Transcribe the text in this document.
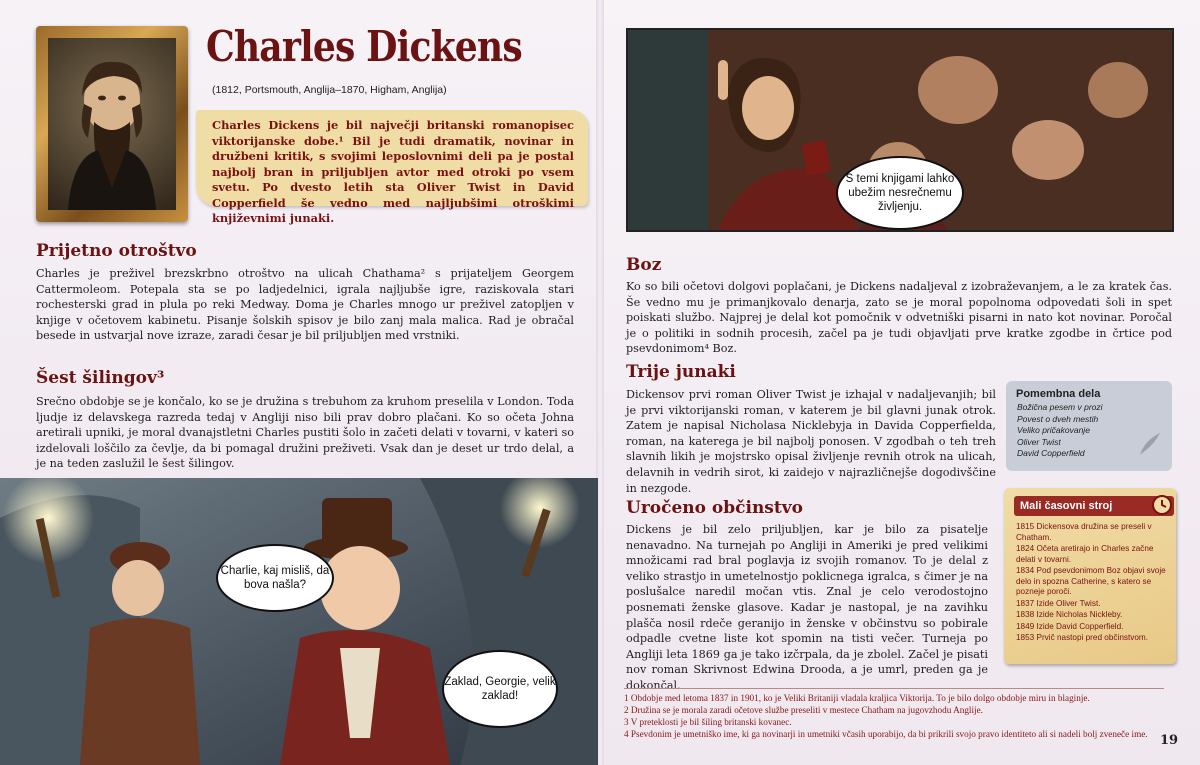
Charles Dickens
(1812, Portsmouth, Anglija–1870, Higham, Anglija)

Charles Dickens je bil največji britanski romanopisec viktorijanske dobe.¹ Bil je tudi dramatik, novinar in družbeni kritik, s svojimi leposlovnimi deli pa je postal najbolj bran in priljubljen avtor med otroki po vsem svetu. Po dvesto letih sta Oliver Twist in David Copperfield še vedno med najljubšimi otroškimi književnimi junaki.

Prijetno otroštvo

Charles je preživel brezskrbno otroštvo na ulicah Chathama² s prijateljem Georgem Cattermoleom. Potepala sta se po ladjedelnici, igrala najljubše igre, raziskovala stari rochesterski grad in plula po reki Medway. Doma je Charles mnogo ur preživel zatopljen v knjige v očetovem kabinetu. Pisanje šolskih spisov je bilo zanj mala malica. Rad je obračal besede in ustvarjal nove izraze, zaradi česar je bil priljubljen med vrstniki.

Šest šilingov³

Srečno obdobje se je končalo, ko se je družina s trebuhom za kruhom preselila v London. Toda ljudje iz delavskega razreda tedaj v Angliji niso bili prav dobro plačani. Ko so očeta Johna aretirali upniki, je moral dvanajstletni Charles pustiti šolo in začeti delati v tovarni, v kateri so izdelovali loščilo za čevlje, da bi pomagal družini preživeti. Vsak dan je deset ur trdo delal, a je na teden zaslužil le šest šilingov.

Charlie, kaj misliš, da bova našla?
Zaklad, Georgie, velik zaklad!
S temi knjigami lahko ubežim nesrečnemu življenju.
Boz

Ko so bili očetovi dolgovi poplačani, je Dickens nadaljeval z izobraževanjem, a le za kratek čas. Še vedno mu je primanjkovalo denarja, zato se je moral popolnoma odpovedati šoli in spet poiskati službo. Najprej je delal kot pomočnik v odvetniški pisarni in nato kot novinar. Poročal je o politiki in sodnih procesih, začel pa je tudi objavljati prve kratke zgodbe in črtice pod psevdonimom⁴ Boz.

Trije junaki

Dickensov prvi roman Oliver Twist je izhajal v nadaljevanjih; bil je prvi viktorijanski roman, v katerem je bil glavni junak otrok. Zatem je napisal Nicholasa Nicklebyja in Davida Copperfielda, roman, na katerega je bil najbolj ponosen. V zgodbah o teh treh slavnih likih je mojstrsko opisal življenje revnih otrok na ulicah, delavnih in vedrih sirot, ki zaidejo v najrazličnejše dogodivščine in nezgode.

Pomembna dela
Božična pesem v prozi
Povest o dveh mestih
Veliko pričakovanje
Oliver Twist
David Copperfield
Uročeno občinstvo

Dickens je bil zelo priljubljen, kar je bilo za pisatelje nenavadno. Na turnejah po Angliji in Ameriki je pred velikimi množicami rad bral poglavja iz svojih romanov. To je delal z veliko strastjo in umetelnostjo poklicnega igralca, s čimer je na poslušalce naredil močan vtis. Znal je celo verodostojno posnemati ženske glasove. Kadar je nastopal, je na zavihku plašča nosil rdeče geranijo in ženske v občinstvu so pobirale odpadle cvetne liste kot spomin na tisti večer. Turneja po Angliji leta 1869 ga je tako izčrpala, da je zbolel. Začel je pisati nov roman Skrivnost Edwina Drooda, a je umrl, preden ga je dokončal.

Mali časovni stroj
1815 Dickensova družina se preseli v Chatham.
1824 Očeta aretirajo in Charles začne delati v tovarni.
1834 Pod psevdonimom Boz objavi svoje delo in spozna Catherine, s katero se pozneje poroči.
1837 Izide Oliver Twist.
1838 Izide Nicholas Nickleby.
1849 Izide David Copperfield.
1853 Prvič nastopi pred občinstvom.
1 Obdobje med letoma 1837 in 1901, ko je Veliki Britaniji vladala kraljica Viktorija. To je bilo dolgo obdobje miru in blaginje.
2 Družina se je morala zaradi očetove službe preseliti v mestece Chatham na jugovzhodu Anglije.
3 V preteklosti je bil šiling britanski kovanec.
4 Psevdonim je umetniško ime, ki ga novinarji in umetniki včasih uporabijo, da bi prikrili svojo pravo identiteto ali si nadeli bolj zveneče ime. 19
